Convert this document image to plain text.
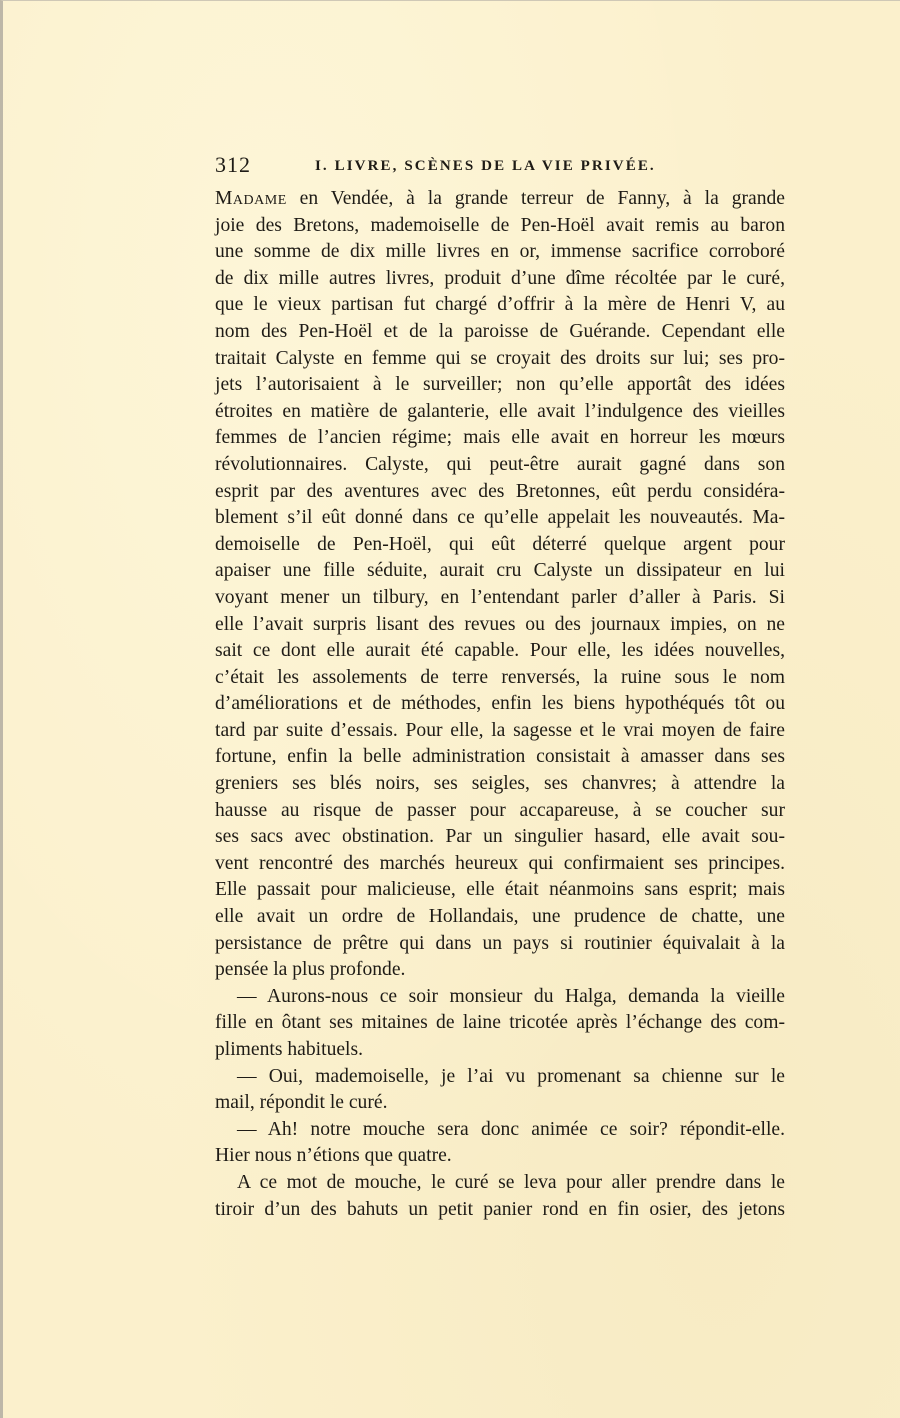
312	I. LIVRE, SCÈNES DE LA VIE PRIVÉE.
Madame en Vendée, à la grande terreur de Fanny, à la grande
joie des Bretons, mademoiselle de Pen-Hoël avait remis au baron
une somme de dix mille livres en or, immense sacrifice corroboré
de dix mille autres livres, produit d’une dîme récoltée par le curé,
que le vieux partisan fut chargé d’offrir à la mère de Henri V, au
nom des Pen-Hoël et de la paroisse de Guérande. Cependant elle
traitait Calyste en femme qui se croyait des droits sur lui; ses pro-
jets l’autorisaient à le surveiller; non qu’elle apportât des idées
étroites en matière de galanterie, elle avait l’indulgence des vieilles
femmes de l’ancien régime; mais elle avait en horreur les mœurs
révolutionnaires. Calyste, qui peut-être aurait gagné dans son
esprit par des aventures avec des Bretonnes, eût perdu considéra-
blement s’il eût donné dans ce qu’elle appelait les nouveautés. Ma-
demoiselle de Pen-Hoël, qui eût déterré quelque argent pour
apaiser une fille séduite, aurait cru Calyste un dissipateur en lui
voyant mener un tilbury, en l’entendant parler d’aller à Paris. Si
elle l’avait surpris lisant des revues ou des journaux impies, on ne
sait ce dont elle aurait été capable. Pour elle, les idées nouvelles,
c’était les assolements de terre renversés, la ruine sous le nom
d’améliorations et de méthodes, enfin les biens hypothéqués tôt ou
tard par suite d’essais. Pour elle, la sagesse et le vrai moyen de faire
fortune, enfin la belle administration consistait à amasser dans ses
greniers ses blés noirs, ses seigles, ses chanvres; à attendre la
hausse au risque de passer pour accapareuse, à se coucher sur
ses sacs avec obstination. Par un singulier hasard, elle avait sou-
vent rencontré des marchés heureux qui confirmaient ses principes.
Elle passait pour malicieuse, elle était néanmoins sans esprit; mais
elle avait un ordre de Hollandais, une prudence de chatte, une
persistance de prêtre qui dans un pays si routinier équivalait à la
pensée la plus profonde.
— Aurons-nous ce soir monsieur du Halga, demanda la vieille
fille en ôtant ses mitaines de laine tricotée après l’échange des com-
pliments habituels.
— Oui, mademoiselle, je l’ai vu promenant sa chienne sur le
mail, répondit le curé.
— Ah! notre mouche sera donc animée ce soir? répondit-elle.
Hier nous n’étions que quatre.
A ce mot de mouche, le curé se leva pour aller prendre dans le
tiroir d’un des bahuts un petit panier rond en fin osier, des jetons
